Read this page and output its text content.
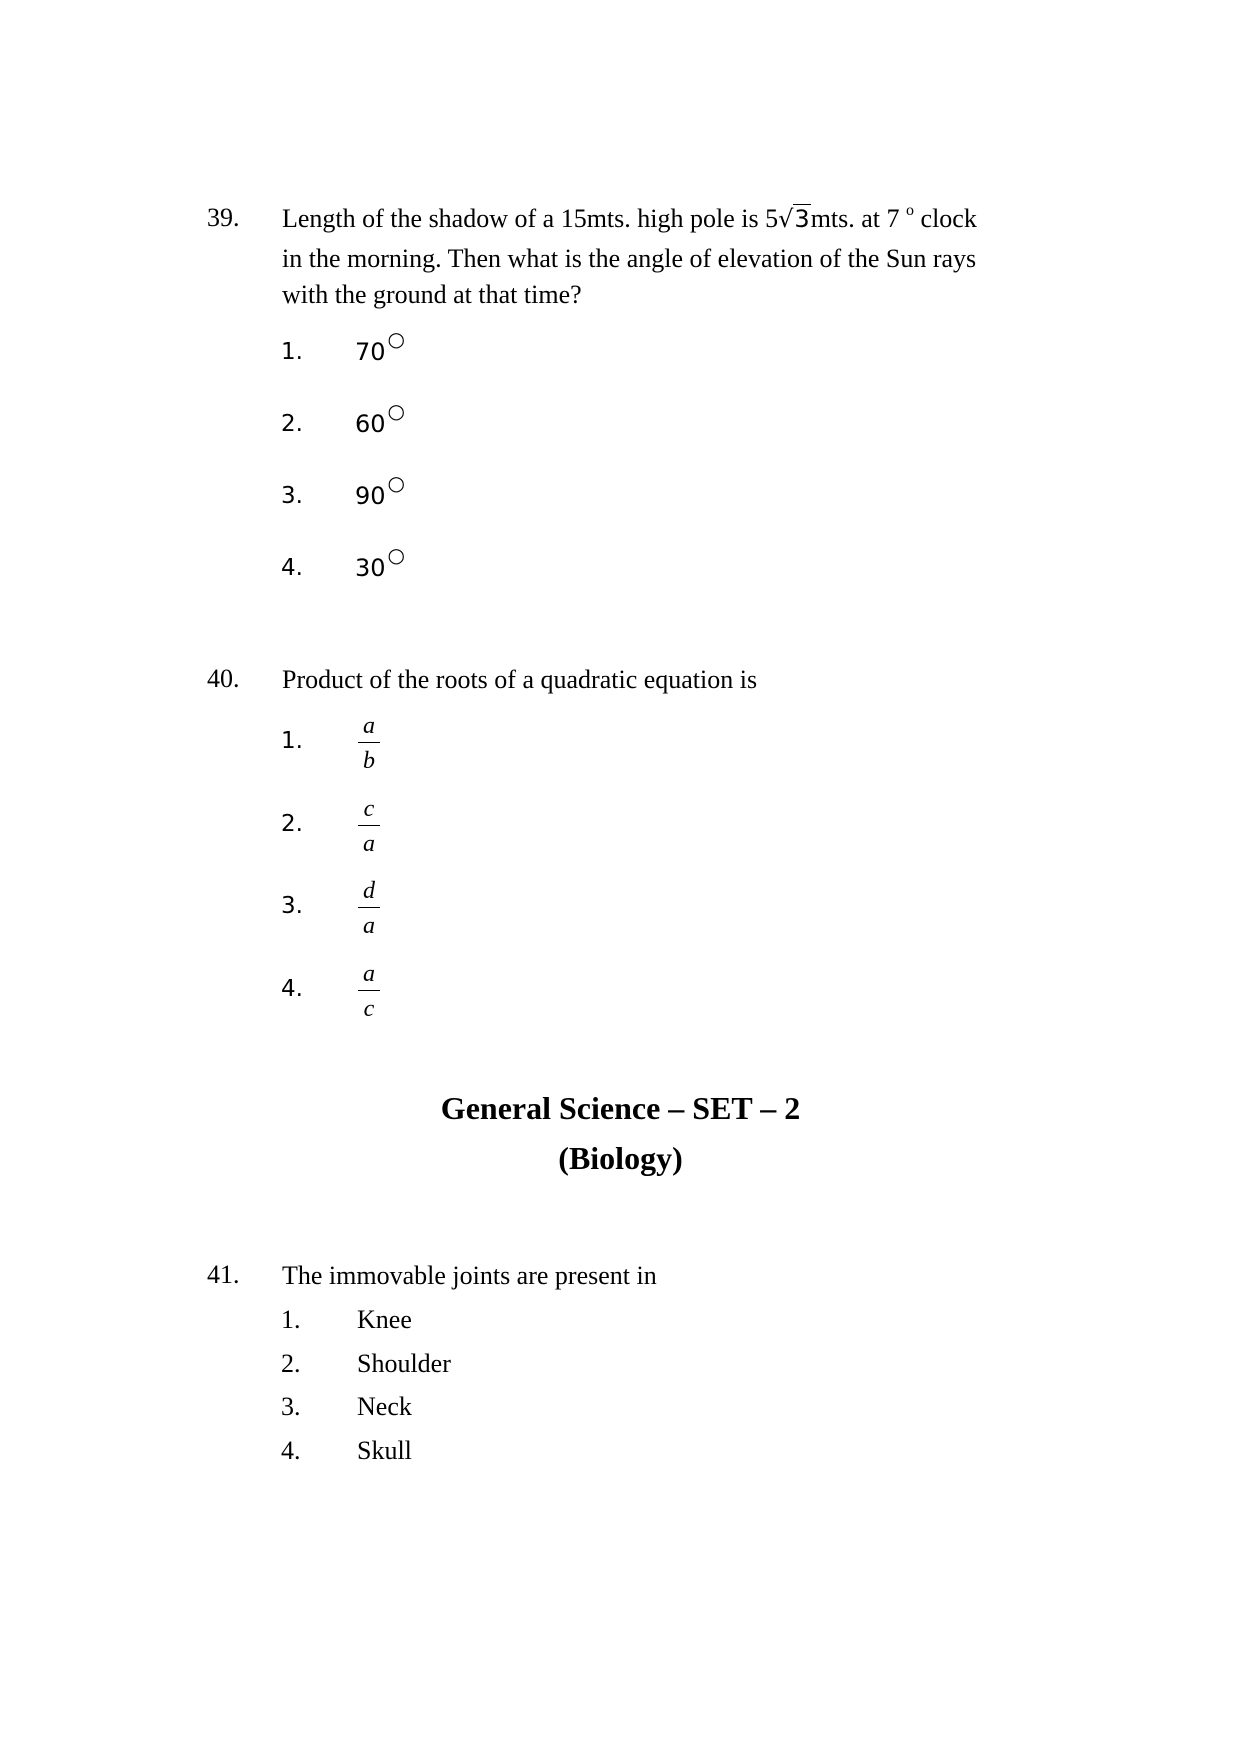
39. Length of the shadow of a 15mts. high pole is 5√3mts. at 7 $^o$ clock
in the morning. Then what is the angle of elevation of the Sun rays
with the ground at that time?
1. 70 ○
2. 60 ○
3. 90 ○
4. 30 ○
40. Product of the roots of a quadratic equation is
1.
a
b
2.
c
a
3.
d
a
4.
a
c
General Science – SET – 2
(Biology)
41. The immovable joints are present in
1. Knee
2. Shoulder
3. Neck
4. Skull
